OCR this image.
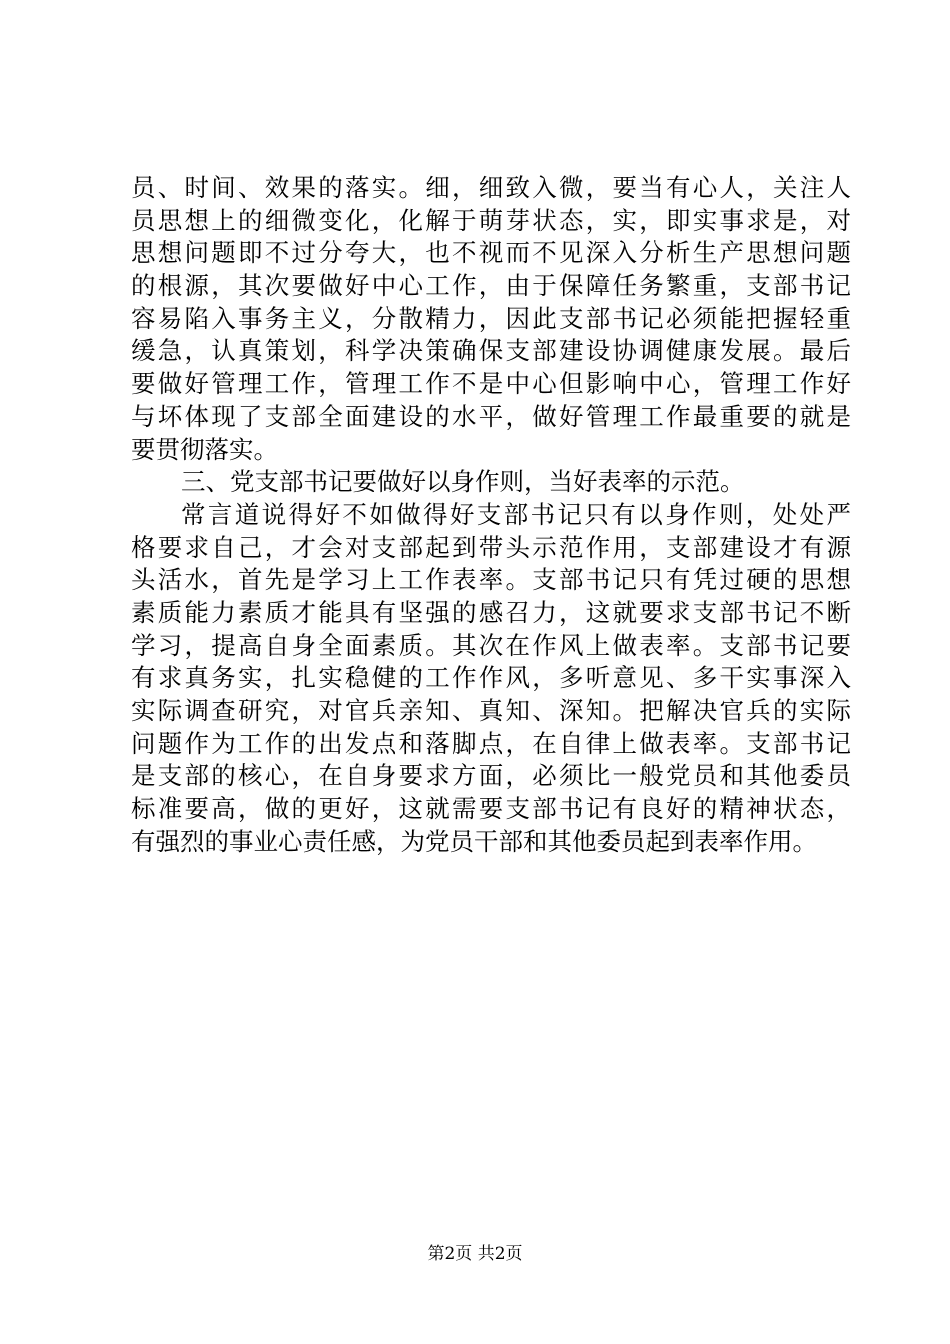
员、时间、效果的落实。细，细致入微，要当有心人，关注人
员思想上的细微变化，化解于萌芽状态，实，即实事求是，对
思想问题即不过分夸大，也不视而不见深入分析生产思想问题
的根源，其次要做好中心工作，由于保障任务繁重，支部书记
容易陷入事务主义，分散精力，因此支部书记必须能把握轻重
缓急，认真策划，科学决策确保支部建设协调健康发展。最后
要做好管理工作，管理工作不是中心但影响中心，管理工作好
与坏体现了支部全面建设的水平，做好管理工作最重要的就是
要贯彻落实。
三、党支部书记要做好以身作则，当好表率的示范。
常言道说得好不如做得好支部书记只有以身作则，处处严
格要求自己，才会对支部起到带头示范作用，支部建设才有源
头活水，首先是学习上工作表率。支部书记只有凭过硬的思想
素质能力素质才能具有坚强的感召力，这就要求支部书记不断
学习，提高自身全面素质。其次在作风上做表率。支部书记要
有求真务实，扎实稳健的工作作风，多听意见、多干实事深入
实际调查研究，对官兵亲知、真知、深知。把解决官兵的实际
问题作为工作的出发点和落脚点，在自律上做表率。支部书记
是支部的核心，在自身要求方面，必须比一般党员和其他委员
标准要高，做的更好，这就需要支部书记有良好的精神状态，
有强烈的事业心责任感，为党员干部和其他委员起到表率作用。
第2页 共2页
